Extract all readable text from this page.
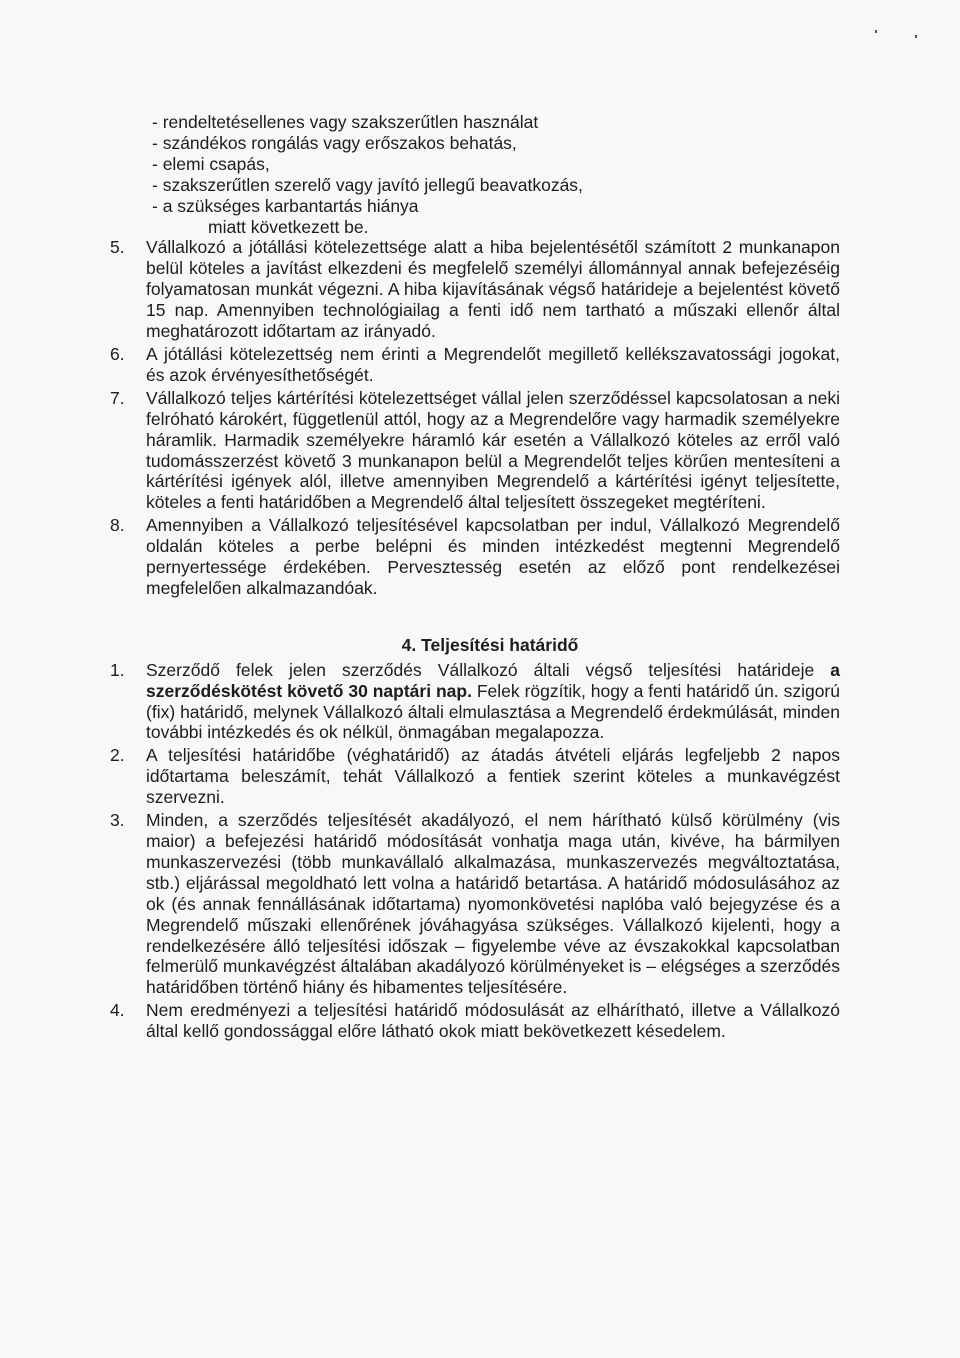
- rendeltetésellenes vagy szakszerűtlen használat
- szándékos rongálás vagy erőszakos behatás,
- elemi csapás,
- szakszerűtlen szerelő vagy javító jellegű beavatkozás,
- a szükséges karbantartás hiánya
miatt következett be.
5.	Vállalkozó a jótállási kötelezettsége alatt a hiba bejelentésétől számított 2 munkanapon belül köteles a javítást elkezdeni és megfelelő személyi állománnyal annak befejezéséig folyamatosan munkát végezni. A hiba kijavításának végső határideje a bejelentést követő 15 nap. Amennyiben technológiailag a fenti idő nem tartható a műszaki ellenőr által meghatározott időtartam az irányadó.
6.	A jótállási kötelezettség nem érinti a Megrendelőt megillető kellékszavatossági jogokat, és azok érvényesíthetőségét.
7.	Vállalkozó teljes kártérítési kötelezettséget vállal jelen szerződéssel kapcsolatosan a neki felróható károkért, függetlenül attól, hogy az a Megrendelőre vagy harmadik személyekre háramlik. Harmadik személyekre háramló kár esetén a Vállalkozó köteles az erről való tudomásszerzést követő 3 munkanapon belül a Megrendelőt teljes körűen mentesíteni a kártérítési igények alól, illetve amennyiben Megrendelő a kártérítési igényt teljesítette, köteles a fenti határidőben a Megrendelő által teljesített összegeket megtéríteni.
8.	Amennyiben a Vállalkozó teljesítésével kapcsolatban per indul, Vállalkozó Megrendelő oldalán köteles a perbe belépni és minden intézkedést megtenni Megrendelő pernyertessége érdekében. Pervesztesség esetén az előző pont rendelkezései megfelelően alkalmazandóak.
4. Teljesítési határidő
1.	Szerződő felek jelen szerződés Vállalkozó általi végső teljesítési határideje a szerződéskötést követő 30 naptári nap. Felek rögzítik, hogy a fenti határidő ún. szigorú (fix) határidő, melynek Vállalkozó általi elmulasztása a Megrendelő érdekmúlását, minden további intézkedés és ok nélkül, önmagában megalapozza.
2.	A teljesítési határidőbe (véghatáridő) az átadás átvételi eljárás legfeljebb 2 napos időtartama beleszámít, tehát Vállalkozó a fentiek szerint köteles a munkavégzést szervezni.
3.	Minden, a szerződés teljesítését akadályozó, el nem hárítható külső körülmény (vis maior) a befejezési határidő módosítását vonhatja maga után, kivéve, ha bármilyen munkaszervezési (több munkavállaló alkalmazása, munkaszervezés megváltoztatása, stb.) eljárással megoldható lett volna a határidő betartása. A határidő módosulásához az ok (és annak fennállásának időtartama) nyomonkövetési naplóba való bejegyzése és a Megrendelő műszaki ellenőrének jóváhagyása szükséges. Vállalkozó kijelenti, hogy a rendelkezésére álló teljesítési időszak – figyelembe véve az évszakokkal kapcsolatban felmerülő munkavégzést általában akadályozó körülményeket is – elégséges a szerződés határidőben történő hiány és hibamentes teljesítésére.
4.	Nem eredményezi a teljesítési határidő módosulását az elhárítható, illetve a Vállalkozó által kellő gondossággal előre látható okok miatt bekövetkezett késedelem.
